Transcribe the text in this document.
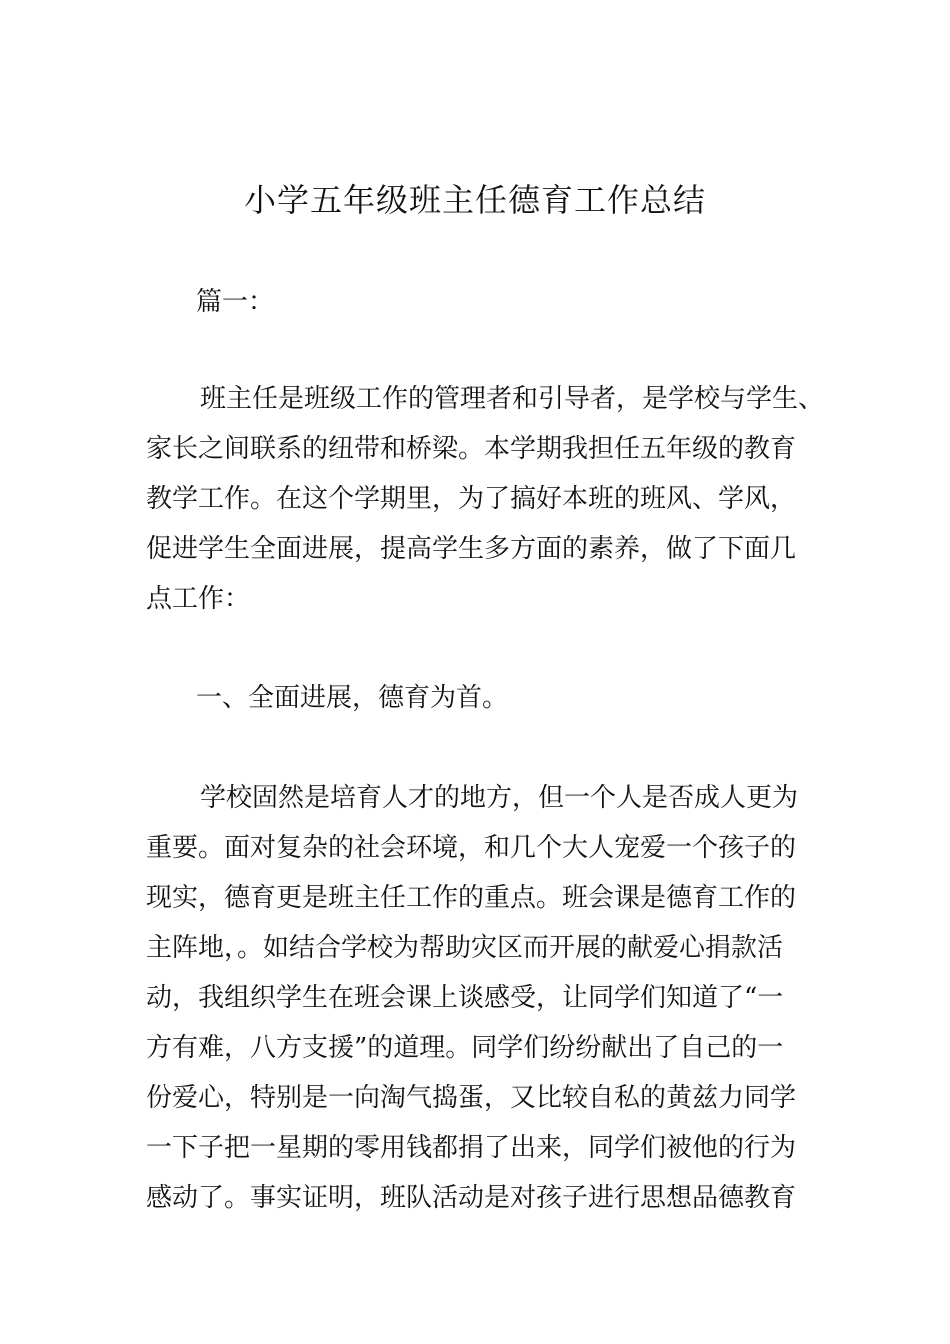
小学五年级班主任德育工作总结
篇一：
班主任是班级工作的管理者和引导者，是学校与学生、
家长之间联系的纽带和桥梁。本学期我担任五年级的教育
教学工作。在这个学期里，为了搞好本班的班风、学风，
促进学生全面进展，提高学生多方面的素养，做了下面几
点工作：
一、全面进展，德育为首。
学校固然是培育人才的地方，但一个人是否成人更为
重要。面对复杂的社会环境，和几个大人宠爱一个孩子的
现实，德育更是班主任工作的重点。班会课是德育工作的
主阵地，。如结合学校为帮助灾区而开展的献爱心捐款活
动，我组织学生在班会课上谈感受，让同学们知道了“一
方有难，八方支援”的道理。同学们纷纷献出了自己的一
份爱心，特别是一向淘气捣蛋，又比较自私的黄兹力同学
一下子把一星期的零用钱都捐了出来，同学们被他的行为
感动了。事实证明，班队活动是对孩子进行思想品德教育
